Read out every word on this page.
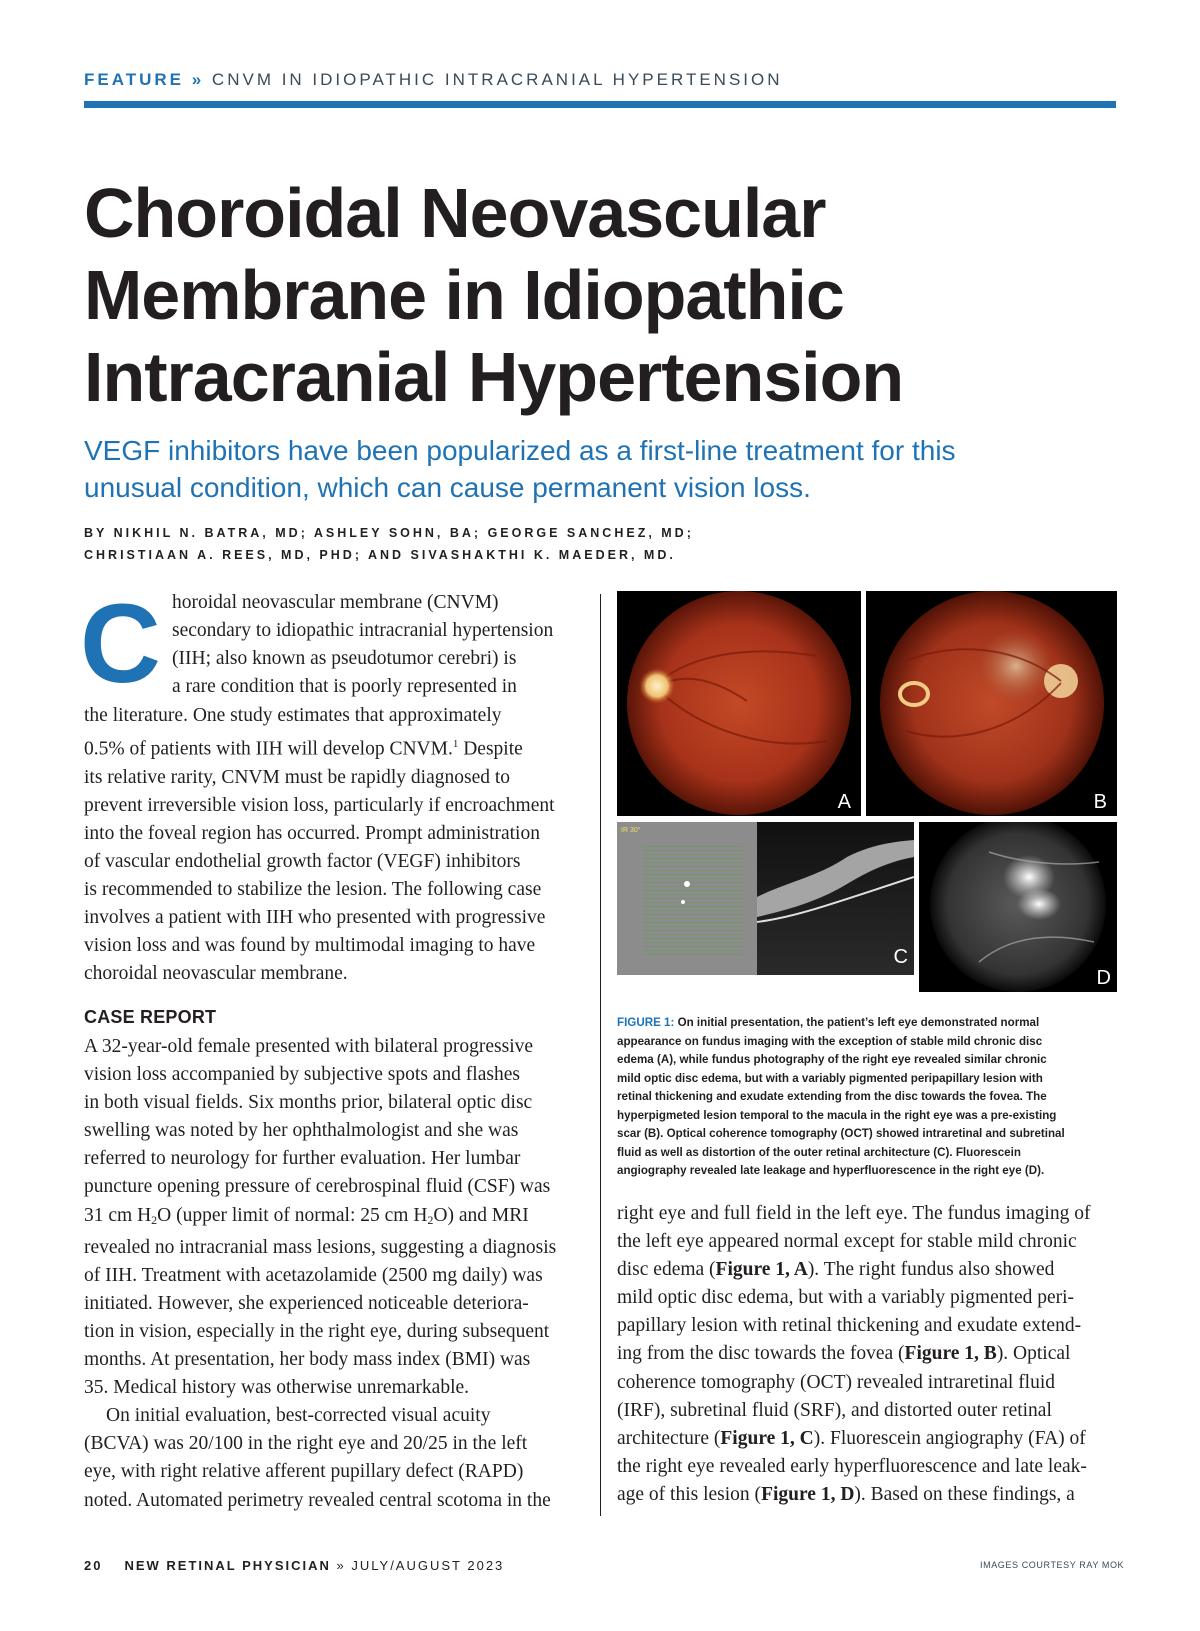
FEATURE » CNVM IN IDIOPATHIC INTRACRANIAL HYPERTENSION
Choroidal Neovascular
Membrane in Idiopathic
Intracranial Hypertension
VEGF inhibitors have been popularized as a first-line treatment for this
unusual condition, which can cause permanent vision loss.
BY NIKHIL N. BATRA, MD; ASHLEY SOHN, BA; GEORGE SANCHEZ, MD;
CHRISTIAAN A. REES, MD, PHD; AND SIVASHAKTHI K. MAEDER, MD.
C horoidal neovascular membrane (CNVM)
secondary to idiopathic intracranial hypertension
(IIH; also known as pseudotumor cerebri) is
a rare condition that is poorly represented in
the literature. One study estimates that approximately
0.5% of patients with IIH will develop CNVM.$^1$ Despite
its relative rarity, CNVM must be rapidly diagnosed to
prevent irreversible vision loss, particularly if encroachment
into the foveal region has occurred. Prompt administration
of vascular endothelial growth factor (VEGF) inhibitors
is recommended to stabilize the lesion. The following case
involves a patient with IIH who presented with progressive
vision loss and was found by multimodal imaging to have
choroidal neovascular membrane.
CASE REPORT
A 32-year-old female presented with bilateral progressive
vision loss accompanied by subjective spots and flashes
in both visual fields. Six months prior, bilateral optic disc
swelling was noted by her ophthalmologist and she was
referred to neurology for further evaluation. Her lumbar
puncture opening pressure of cerebrospinal fluid (CSF) was
31 cm $H_2O$ (upper limit of normal: 25 cm $H_2O$) and MRI
revealed no intracranial mass lesions, suggesting a diagnosis
of IIH. Treatment with acetazolamide (2500 mg daily) was
initiated. However, she experienced noticeable deteriora-
tion in vision, especially in the right eye, during subsequent
months. At presentation, her body mass index (BMI) was
35. Medical history was otherwise unremarkable.
On initial evaluation, best-corrected visual acuity
(BCVA) was 20/100 in the right eye and 20/25 in the left
eye, with right relative afferent pupillary defect (RAPD)
noted. Automated perimetry revealed central scotoma in the
A	B
IR 30°
C
D
FIGURE 1: On initial presentation, the patient’s left eye demonstrated normal
appearance on fundus imaging with the exception of stable mild chronic disc
edema (A), while fundus photography of the right eye revealed similar chronic
mild optic disc edema, but with a variably pigmented peripapillary lesion with
retinal thickening and exudate extending from the disc towards the fovea. The
hyperpigmeted lesion temporal to the macula in the right eye was a pre-existing
scar (B). Optical coherence tomography (OCT) showed intraretinal and subretinal
fluid as well as distortion of the outer retinal architecture (C). Fluorescein
angiography revealed late leakage and hyperfluorescence in the right eye (D).
right eye and full field in the left eye. The fundus imaging of
the left eye appeared normal except for stable mild chronic
disc edema (Figure 1, A). The right fundus also showed
mild optic disc edema, but with a variably pigmented peri-
papillary lesion with retinal thickening and exudate extend-
ing from the disc towards the fovea (Figure 1, B). Optical
coherence tomography (OCT) revealed intraretinal fluid
(IRF), subretinal fluid (SRF), and distorted outer retinal
architecture (Figure 1, C). Fluorescein angiography (FA) of
the right eye revealed early hyperfluorescence and late leak-
age of this lesion (Figure 1, D). Based on these findings, a
20 NEW RETINAL PHYSICIAN » JULY/AUGUST 2023	IMAGES COURTESY RAY MOK
